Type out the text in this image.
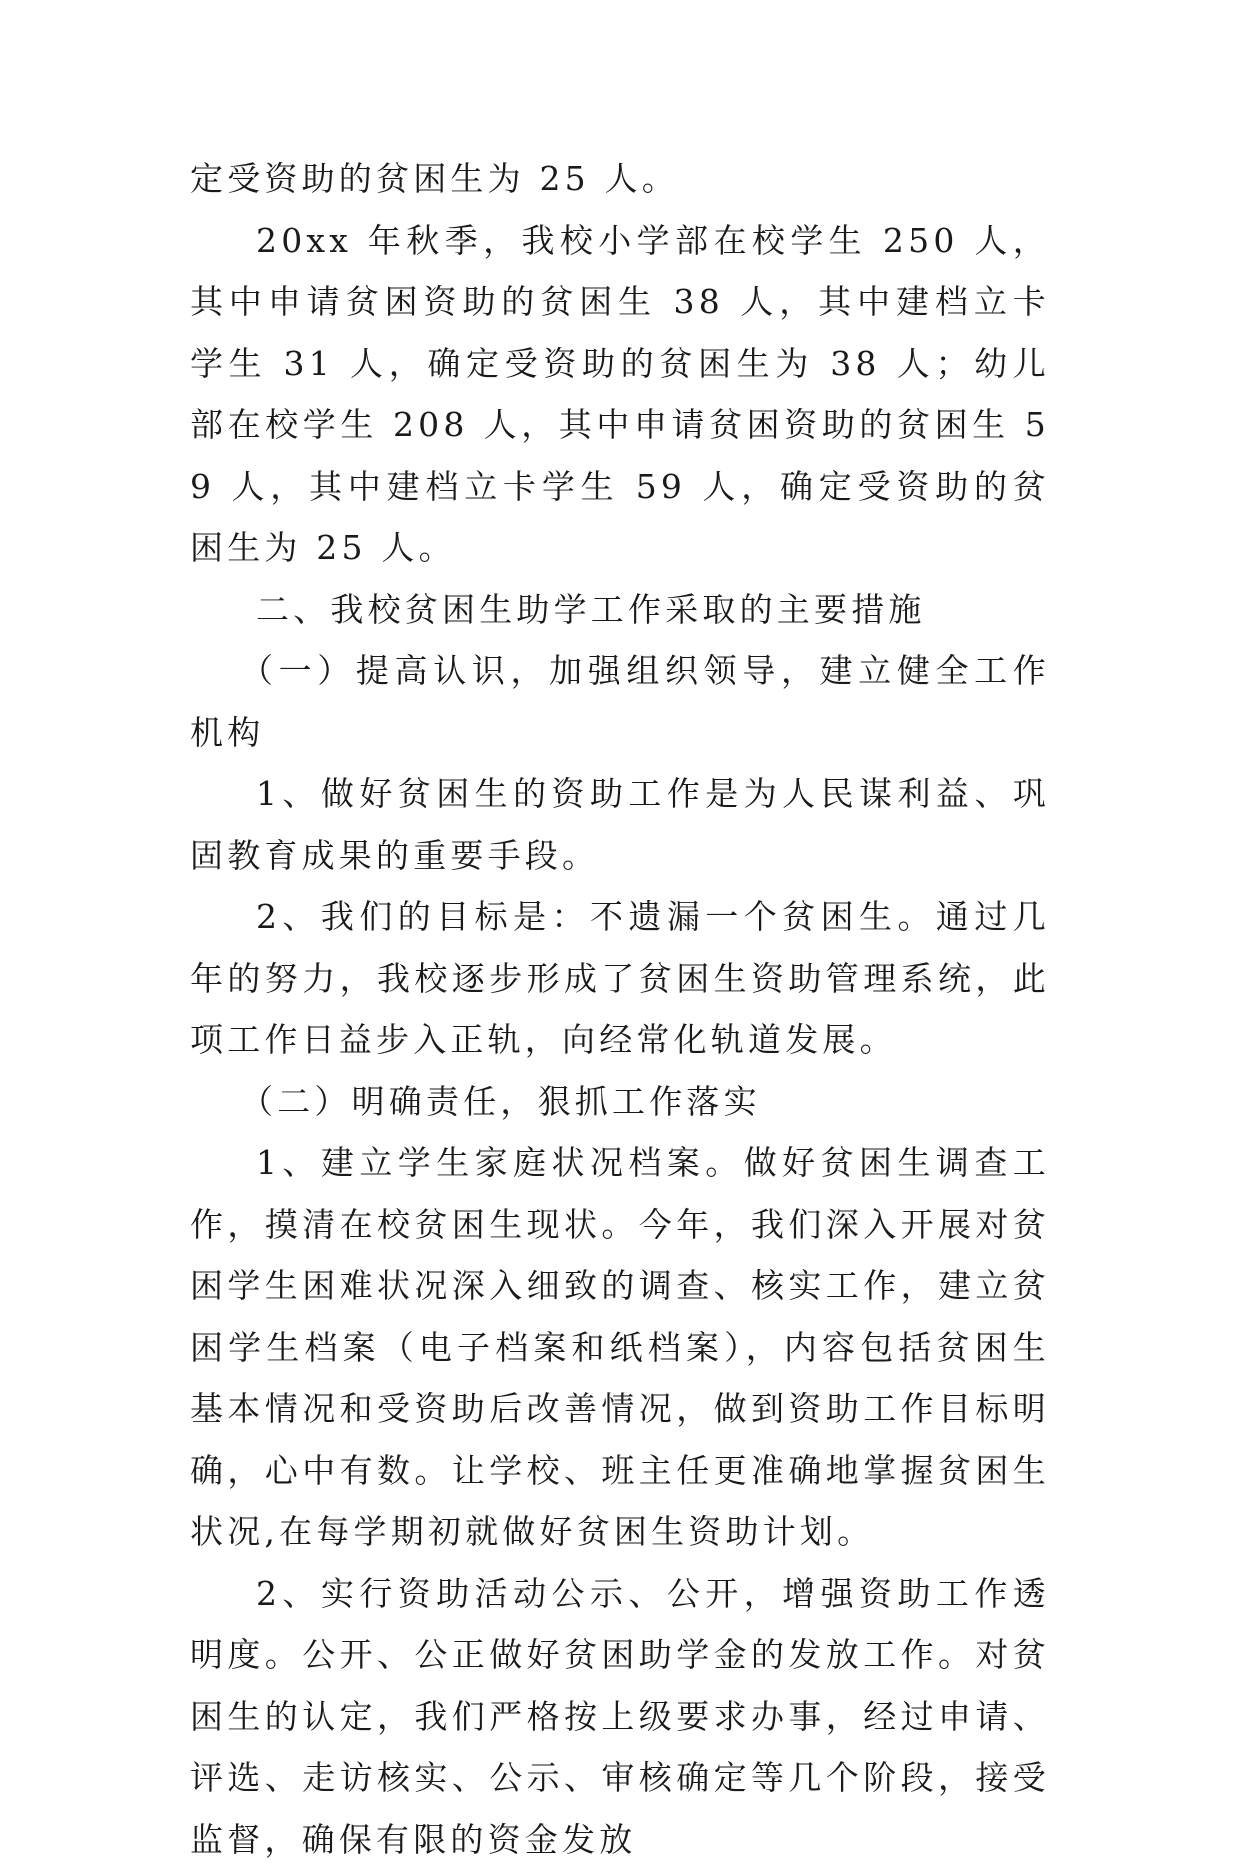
定受资助的贫困生为 25 人。

20xx 年秋季，我校小学部在校学生 250 人，其中申请贫困资助的贫困生 38 人，其中建档立卡学生 31 人，确定受资助的贫困生为 38 人；幼儿部在校学生 208 人，其中申请贫困资助的贫困生 59 人，其中建档立卡学生 59 人，确定受资助的贫困生为 25 人。

二、我校贫困生助学工作采取的主要措施

（一）提高认识，加强组织领导，建立健全工作机构

1、做好贫困生的资助工作是为人民谋利益、巩固教育成果的重要手段。

2、我们的目标是：不遗漏一个贫困生。通过几年的努力，我校逐步形成了贫困生资助管理系统，此项工作日益步入正轨，向经常化轨道发展。

（二）明确责任，狠抓工作落实

1、建立学生家庭状况档案。做好贫困生调查工作，摸清在校贫困生现状。今年，我们深入开展对贫困学生困难状况深入细致的调查、核实工作，建立贫困学生档案（电子档案和纸档案），内容包括贫困生基本情况和受资助后改善情况，做到资助工作目标明确，心中有数。让学校、班主任更准确地掌握贫困生状况,在每学期初就做好贫困生资助计划。

2、实行资助活动公示、公开，增强资助工作透明度。公开、公正做好贫困助学金的发放工作。对贫困生的认定，我们严格按上级要求办事，经过申请、评选、走访核实、公示、审核确定等几个阶段，接受监督，确保有限的资金发放
